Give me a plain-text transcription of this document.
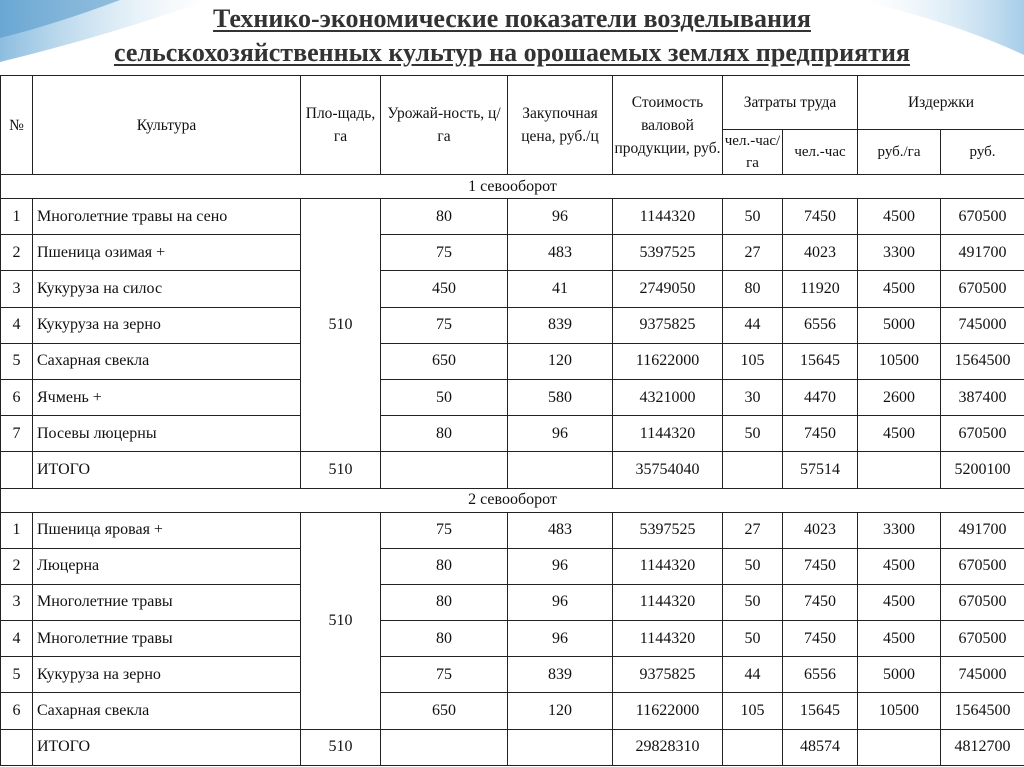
Технико-экономические показатели возделывания
сельскохозяйственных культур на орошаемых землях предприятия
№	Культура	Пло-щадь, га	Урожай-ность, ц/га	Закупочная цена, руб./ц	Стоимость валовой продукции, руб.	Затраты труда		Издержки	
						чел.-час/га	чел.-час	руб./га	руб.
1 севооборот									
1	Многолетние травы на сено	510	80	96	1144320	50	7450	4500	670500
2	Пшеница озимая +		75	483	5397525	27	4023	3300	491700
3	Кукуруза на силос		450	41	2749050	80	11920	4500	670500
4	Кукуруза на зерно		75	839	9375825	44	6556	5000	745000
5	Сахарная свекла		650	120	11622000	105	15645	10500	1564500
6	Ячмень +		50	580	4321000	30	4470	2600	387400
7	Посевы люцерны		80	96	1144320	50	7450	4500	670500
	ИТОГО	510			35754040		57514		5200100
2 севооборот									
1	Пшеница яровая +	510	75	483	5397525	27	4023	3300	491700
2	Люцерна		80	96	1144320	50	7450	4500	670500
3	Многолетние травы		80	96	1144320	50	7450	4500	670500
4	Многолетние травы		80	96	1144320	50	7450	4500	670500
5	Кукуруза на зерно		75	839	9375825	44	6556	5000	745000
6	Сахарная свекла		650	120	11622000	105	15645	10500	1564500
	ИТОГО	510			29828310		48574		4812700
